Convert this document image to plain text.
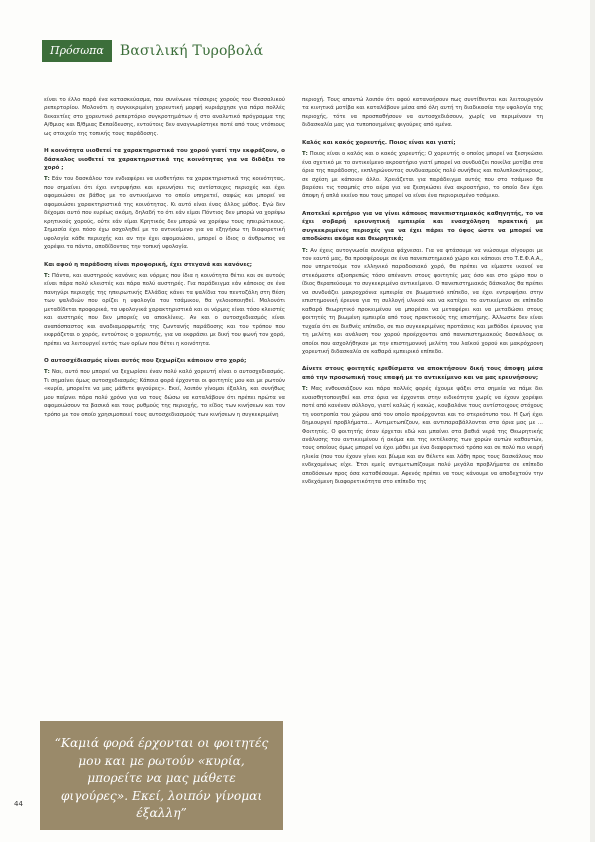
Πρόσωπα	Βασιλική Τυροβολά

είναι το έλλο παρά ένα κατασκεύασμα, που συνένωνε τέσσερις χορούς του Θεσσαλικού ρεπερτορίου. Μολονότι η συγκεκριμένη χορευτική μορφή κυριάρχησε για πάρα πολλές δεκαετίες στο χορευτικό ρεπερτόριο συγκροτημάτων ή στο αναλυτικό πρόγραμμα της Α/θμιας και Β/θμιας Εκπαίδευσης, εντούτοις δεν αναγνωρίστηκε ποτέ από τους ντόπιους ως στοιχείο της τοπικής τους παράδοσης.

Η κοινότητα υιοθετεί τα χαρακτηριστικά του χορού γιατί την εκφράζουν, ο δάσκαλος υιοθετεί τα χαρακτηριστικά της κοινότητας για να διδάξει το χορό ;

Τ: Εάν του δασκάλου τον ενδιαφέρει να υιοθετήσει τα χαρακτηριστικά της κοινότητας, που σημαίνει ότι έχει εντρυφήσει και ερευνήσει τις αντίστοιχες περιοχές και έχει αφομοιώσει σε βάθος με το αντικείμενο το οποίο υπηρετεί, σαφώς και μπορεί να αφομοιώσει χαρακτηριστικά της κοινότητας. Κι αυτό είναι ένας άλλος μύθος. Εγώ δεν δέχομαι αυτό που ευρέως ακόμη, δηλαδή το ότι εάν είμαι Πόντιος δεν μπορώ να χορέψω κρητικούς χορούς, ούτε εάν είμαι Κρητικός δεν μπορώ να χορέψω τους ηπειρώτικους. Σημασία έχει πόσο έχω ασχοληθεί με το αντικείμενο για να εξηγήσω τη διαφορετική υφολογία κάθε περιοχής και αν την έχει αφομοιώσει, μπορεί ο ίδιος ο άνθρωπος να χορέψει τα πάντα, αποδίδοντας την τοπική υφολογία.

Και αφού η παράδοση είναι προφορική, έχει στεγανά και κανόνες;

Τ: Πάντα, και αυστηρούς κανόνες και νόρμες που ίδια η κοινότητα θέτει και σε αυτούς είναι πάρα πολύ κλειστές και πάρα πολύ αυστηρές. Για παράδειγμα εάν κάποιος σε ένα πανηγύρι περιοχής της ηπειρωτικής Ελλάδας κάνει τα ψαλίδια του πεντοζάλη στη θέση των ψαλιδιών που ορίζει η υφολογία του τσάμικου, θα γελοιοποιηθεί. Μολονότι μεταδίδεται προφορικά, τα υφολογικά χαρακτηριστικά και οι νόρμες είναι τόσο κλειστές και αυστηρές που δεν μπορείς να αποκλίνεις. Αν και ο αυτοσχεδιασμός είναι αναπόσπαστος και αναδιαμορφωτής της ζωντανής παράδοσης και του τρόπου που εκφράζεται ο χορός, εντούτοις ο χορευτής, για να εκφράσει με δική του φωνή τον χορό, πρέπει να λειτουργεί εντός των ορίων που θέτει η κοινότητα.

Ο αυτοσχέδιασμός είναι αυτός που ξεχωρίζει κάποιον στο χορό;

Τ: Ναι, αυτό που μπορεί να ξεχωρίσει έναν πολύ καλό χορευτή είναι ο αυτοσχεδιασμός. Τι σημαίνει όμως αυτοσχεδιασμός; Κάποια φορά έρχονται οι φοιτητές μου και με ρωτούν «κυρία, μπορείτε να μας μάθετε φιγούρες». Εκεί, λοιπόν γίνομαι έξαλλη, και συνήθως μου παίρνει πάρα πολύ χρόνο για να τους δώσω να καταλάβουν ότι πρέπει πρώτα να αφομοιώσουν τα βασικά και τους ρυθμούς της περιοχής, το είδος των κινήσεων και τον τρόπο με τον οποίο χρησιμοποιεί τους αυτοσχεδιασμούς των κινήσεων η συγκεκριμένη

περιοχή. Τους απαντώ λοιπόν ότι αφού κατανοήσουν πως συντίθενται και λειτουργούν τα κινητικά μοτίβα και καταλάβουν μέσα από όλη αυτή τη διαδικασία την υφολογία της περιοχής, τότε να προσπαθήσουν να αυτοσχεδιάσουν, χωρίς να περιμένουν τη διδασκαλία μας για τυποποιημένες φιγούρες από εμένα.

Καλός και κακός χορευτής. Ποιος είναι και γιατί;

Τ: Ποιος είναι ο καλός και ο κακός χορευτής; Ο χορευτής ο οποίος μπορεί να ξεσηκώσει ένα σχετικό με το αντικείμενο ακροατήριο γιατί μπορεί να συνδυάζει ποικίλα μοτίβα στα όρια της παράδοσης, εκπληρώνοντας συνδυασμούς πολύ συνήθεις και πολυπλοκότερους, σε σχέση με κάποιον άλλο. Χρειάζεται για παράδειγμα αυτός που στο τσάμικο θα βαρέσει τις τσαμπές στο αέρα για να ξεσηκώσει ένα ακροατήριο, το οποίο δεν έχει άποψη ή απλά εκείνο που τους μπορεί να είναι ένα περιορισμένο τσάμικο.

Αποτελεί κριτήριο για να γίνει κάποιος πανεπιστημιακός καθηγητής, το να έχει σοβαρή ερευνητική εμπειρία και ενασχόληση πρακτική με συγκεκριμένες περιοχές για να έχει πάρει το ύφος ώστε να μπορεί να αποδώσει ακόμα και θεωρητικά;

Τ: Αν έχεις αυτογνωσία συνέχεια ψάχνεσαι. Για να φτάσουμε να νιώσουμε σίγουροι με τον εαυτό μας, θα προσφέρουμε σε ένα πανεπιστημιακό χώρο και κάποιοι στο Τ.Ε.Φ.Α.Α., που υπηρετούμε τον ελληνικό παραδοσιακό χορό, θα πρέπει να είμαστε ικανοί να στεκόμαστε αξιοπρεπώς τόσο απέναντι στους φοιτητές μας όσο και στο χώρο που ο ίδιος θεραπεύουμε το συγκεκριμένο αντικείμενο. Ο πανεπιστημιακός δάσκαλος θα πρέπει να συνδυάζει μακροχρόνια εμπειρία σε βιωματικό επίπεδο, να έχει εντρυφήσει στην επιστημονική έρευνα για τη συλλογή υλικού και να κατέχει το αντικείμενο σε επίπεδο καθαρά θεωρητικό προκειμένου να μπορέσει να μεταφέρει και να μεταδώσει στους φοιτητές τη βιωμένη εμπειρία από τους πρακτικούς της επιστήμης. Άλλωστε δεν είναι τυχαία ότι σε διεθνές επίπεδο, σε πιο συγκεκριμένες προτάσεις και μεθόδοι έρευνας για τη μελέτη και ανάλυση του χορού προέρχονται από πανεπιστημιακούς δασκάλους οι οποίοι που ασχολήθηκαν με την επιστημονική μελέτη του λαϊκού χορού και μακρόχρονη χορευτική διδασκαλία σε καθαρά εμπειρικό επίπεδο.

Δίνετε στους φοιτητές ερεθίσματα να αποκτήσουν δική τους άποψη μέσα από την προσωπική τους επαφή με το αντικείμενο και να μας ερευνήσουν;

Τ: Μας ενθουσιάζουν και πάρα πολλές φορές έχουμε ψάξει στα σημεία να πάμε δει ευαισθητοποιηθεί και στα όρια να έρχονται στην ειδικότητα χωρίς να έχουν χορέψει ποτέ από κανέναν σύλλογο, γιατί καλώς ή κακώς, κουβαλάνε τους αντίστοιχους στόχους τη νοοτροπία του χώρου από τον οποίο προέρχονται και το στερεότυπο του. Η ζωή έχει δημιουργεί προβλήματα... Αντιμετωπίζουν, και αντιπαραβάλλονται στα όρια μας με ... Φοιτητές. Ο φοιτητής όταν έρχεται εδώ και μπαίνει στα βαθιά νερά της Θεωρητικής ανάλυσης του αντικειμένου ή ακόμα και της εκτέλεσης των χορών αυτών καθαυτών, τους οποίους όμως μπορεί να έχει μάθει με ένα διαφορετικό τρόπο και σε πολύ πιο νεαρή ηλικία (που του έχουν γίνει και βίωμα και αν θέλετε και λάθη προς τους δασκάλους που ενδεχομένως είχε. Έτσι εμείς αντιμετωπίζουμε πολύ μεγάλα προβλήματα σε επίπεδο αποδόσεων προς όσα καταθέσουμε. Αφενός πρέπει να τους κάνουμε να αποδεχτούν την ενδεχόμενη διαφορετικότητα στο επίπεδο της

“Καμιά φορά έρχονται οι φοιτητές μου και με ρωτούν «κυρία, μπορείτε να μας μάθετε φιγούρες». Εκεί, λοιπόν γίνομαι έξαλλη”
44
